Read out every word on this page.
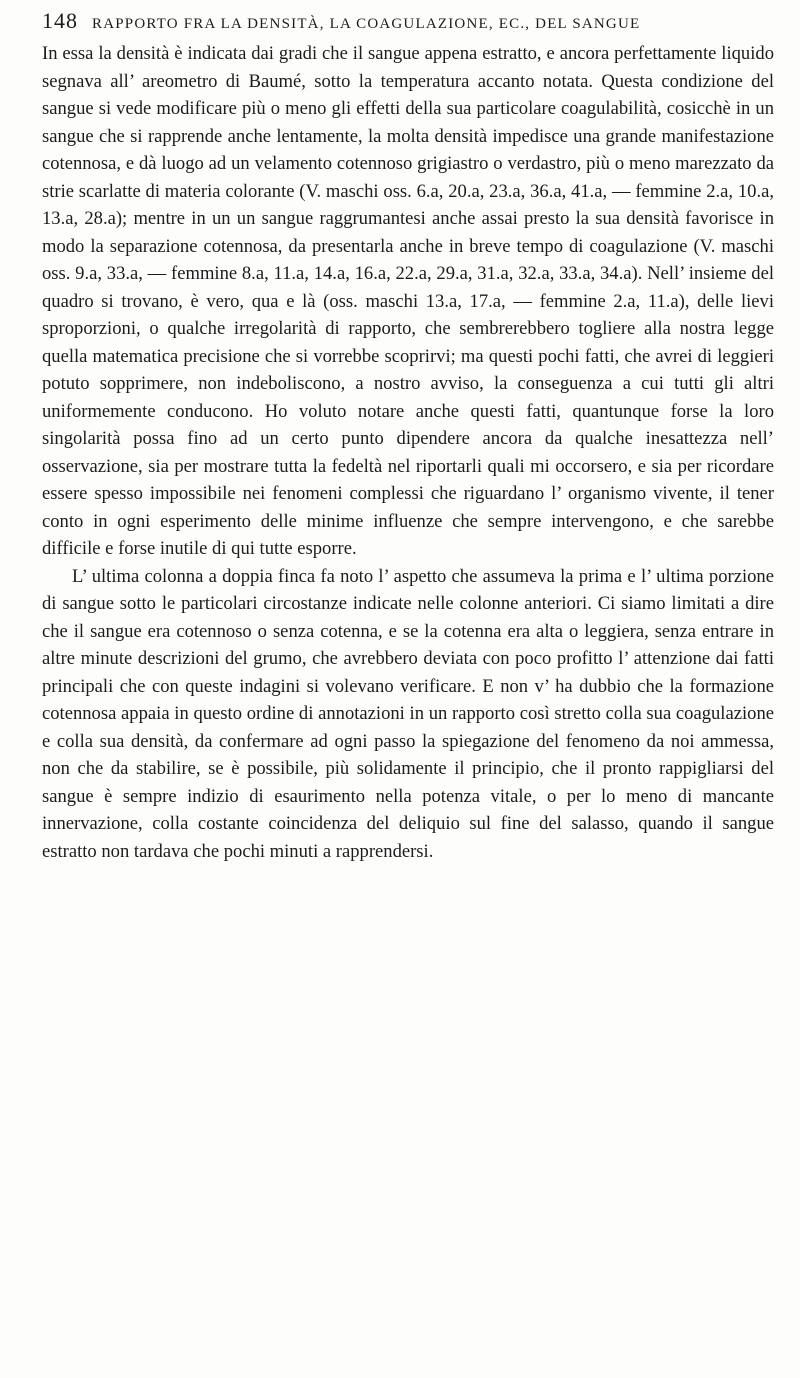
148 RAPPORTO FRA LA DENSITÀ, LA COAGULAZIONE, EC., DEL SANGUE

In essa la densità è indicata dai gradi che il sangue appena estratto, e ancora perfettamente liquido segnava all’ areometro di Baumé, sotto la temperatura accanto notata. Questa condizione del sangue si vede modificare più o meno gli effetti della sua particolare coagulabilità, cosicchè in un sangue che si rapprende anche lentamente, la molta densità impedisce una grande manifestazione cotennosa, e dà luogo ad un velamento cotennoso grigiastro o verdastro, più o meno marezzato da strie scarlatte di materia colorante (V. maschi oss. 6.a, 20.a, 23.a, 36.a, 41.a, — femmine 2.a, 10.a, 13.a, 28.a); mentre in un un sangue raggrumantesi anche assai presto la sua densità favorisce in modo la separazione cotennosa, da presentarla anche in breve tempo di coagulazione (V. maschi oss. 9.a, 33.a, — femmine 8.a, 11.a, 14.a, 16.a, 22.a, 29.a, 31.a, 32.a, 33.a, 34.a). Nell’ insieme del quadro si trovano, è vero, qua e là (oss. maschi 13.a, 17.a, — femmine 2.a, 11.a), delle lievi sproporzioni, o qualche irregolarità di rapporto, che sembrerebbero togliere alla nostra legge quella matematica precisione che si vorrebbe scoprirvi; ma questi pochi fatti, che avrei di leggieri potuto sopprimere, non indeboliscono, a nostro avviso, la conseguenza a cui tutti gli altri uniformemente conducono. Ho voluto notare anche questi fatti, quantunque forse la loro singolarità possa fino ad un certo punto dipendere ancora da qualche inesattezza nell’ osservazione, sia per mostrare tutta la fedeltà nel riportarli quali mi occorsero, e sia per ricordare essere spesso impossibile nei fenomeni complessi che riguardano l’ organismo vivente, il tener conto in ogni esperimento delle minime influenze che sempre intervengono, e che sarebbe difficile e forse inutile di qui tutte esporre.

L’ ultima colonna a doppia finca fa noto l’ aspetto che assumeva la prima e l’ ultima porzione di sangue sotto le particolari circostanze indicate nelle colonne anteriori. Ci siamo limitati a dire che il sangue era cotennoso o senza cotenna, e se la cotenna era alta o leggiera, senza entrare in altre minute descrizioni del grumo, che avrebbero deviata con poco profitto l’ attenzione dai fatti principali che con queste indagini si volevano verificare. E non v’ ha dubbio che la formazione cotennosa appaia in questo ordine di annotazioni in un rapporto così stretto colla sua coagulazione e colla sua densità, da confermare ad ogni passo la spiegazione del fenomeno da noi ammessa, non che da stabilire, se è possibile, più solidamente il principio, che il pronto rappigliarsi del sangue è sempre indizio di esaurimento nella potenza vitale, o per lo meno di mancante innervazione, colla costante coincidenza del deliquio sul fine del salasso, quando il sangue estratto non tardava che pochi minuti a rapprendersi.
